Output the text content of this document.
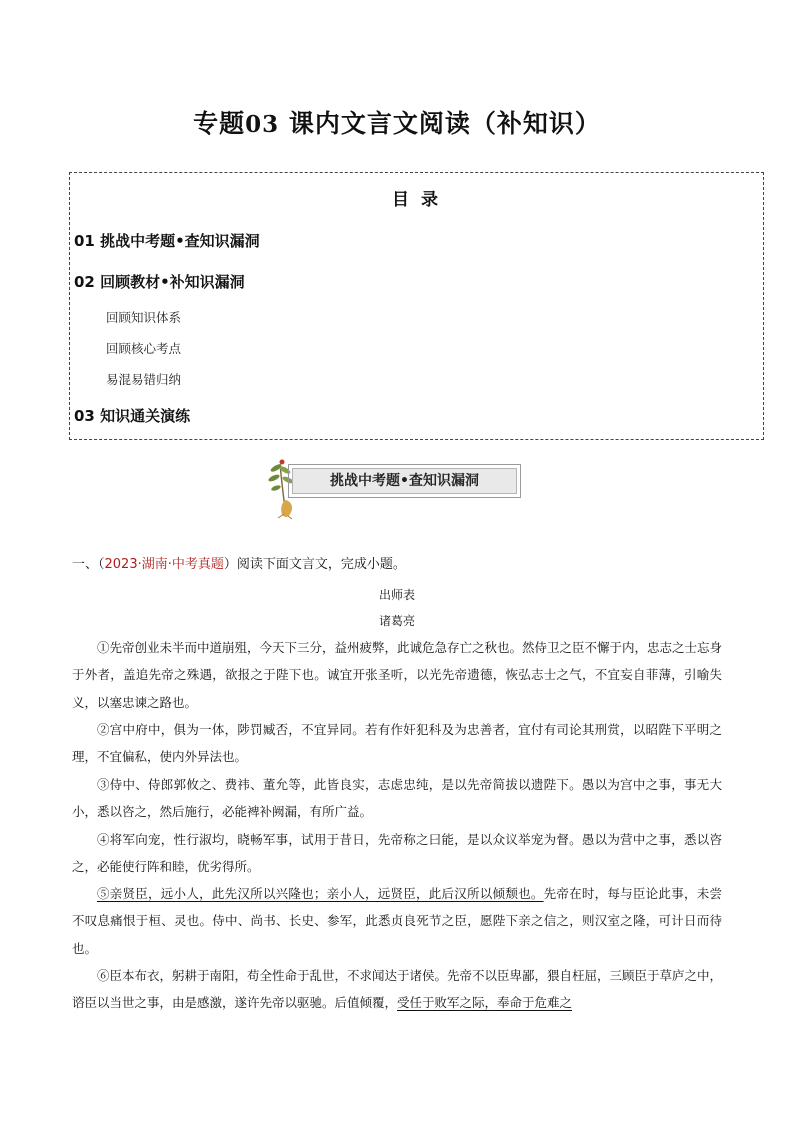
专题03 课内文言文阅读（补知识）
目 录
01 挑战中考题•查知识漏洞
02 回顾教材•补知识漏洞
回顾知识体系
回顾核心考点
易混易错归纳
03 知识通关演练
挑战中考题•查知识漏洞
一、（2023·湖南·中考真题）阅读下面文言文，完成小题。
出师表
诸葛亮

①先帝创业未半而中道崩殂，今天下三分，益州疲弊，此诚危急存亡之秋也。然侍卫之臣不懈于内，忠志之士忘身于外者，盖追先帝之殊遇，欲报之于陛下也。诚宜开张圣听，以光先帝遗德，恢弘志士之气，不宜妄自菲薄，引喻失义，以塞忠谏之路也。

②宫中府中，俱为一体，陟罚臧否，不宜异同。若有作奸犯科及为忠善者，宜付有司论其刑赏，以昭陛下平明之理，不宜偏私，使内外异法也。

③侍中、侍郎郭攸之、费祎、董允等，此皆良实，志虑忠纯，是以先帝简拔以遗陛下。愚以为宫中之事，事无大小，悉以咨之，然后施行，必能裨补阙漏，有所广益。

④将军向宠，性行淑均，晓畅军事，试用于昔日，先帝称之曰能，是以众议举宠为督。愚以为营中之事，悉以咨之，必能使行阵和睦，优劣得所。

⑤亲贤臣，远小人，此先汉所以兴隆也；亲小人，远贤臣，此后汉所以倾颓也。先帝在时，每与臣论此事，未尝不叹息痛恨于桓、灵也。侍中、尚书、长史、参军，此悉贞良死节之臣，愿陛下亲之信之，则汉室之隆，可计日而待也。

⑥臣本布衣，躬耕于南阳，苟全性命于乱世，不求闻达于诸侯。先帝不以臣卑鄙，猥自枉屈，三顾臣于草庐之中，谘臣以当世之事，由是感激，遂许先帝以驱驰。后值倾覆，受任于败军之际，奉命于危难之
